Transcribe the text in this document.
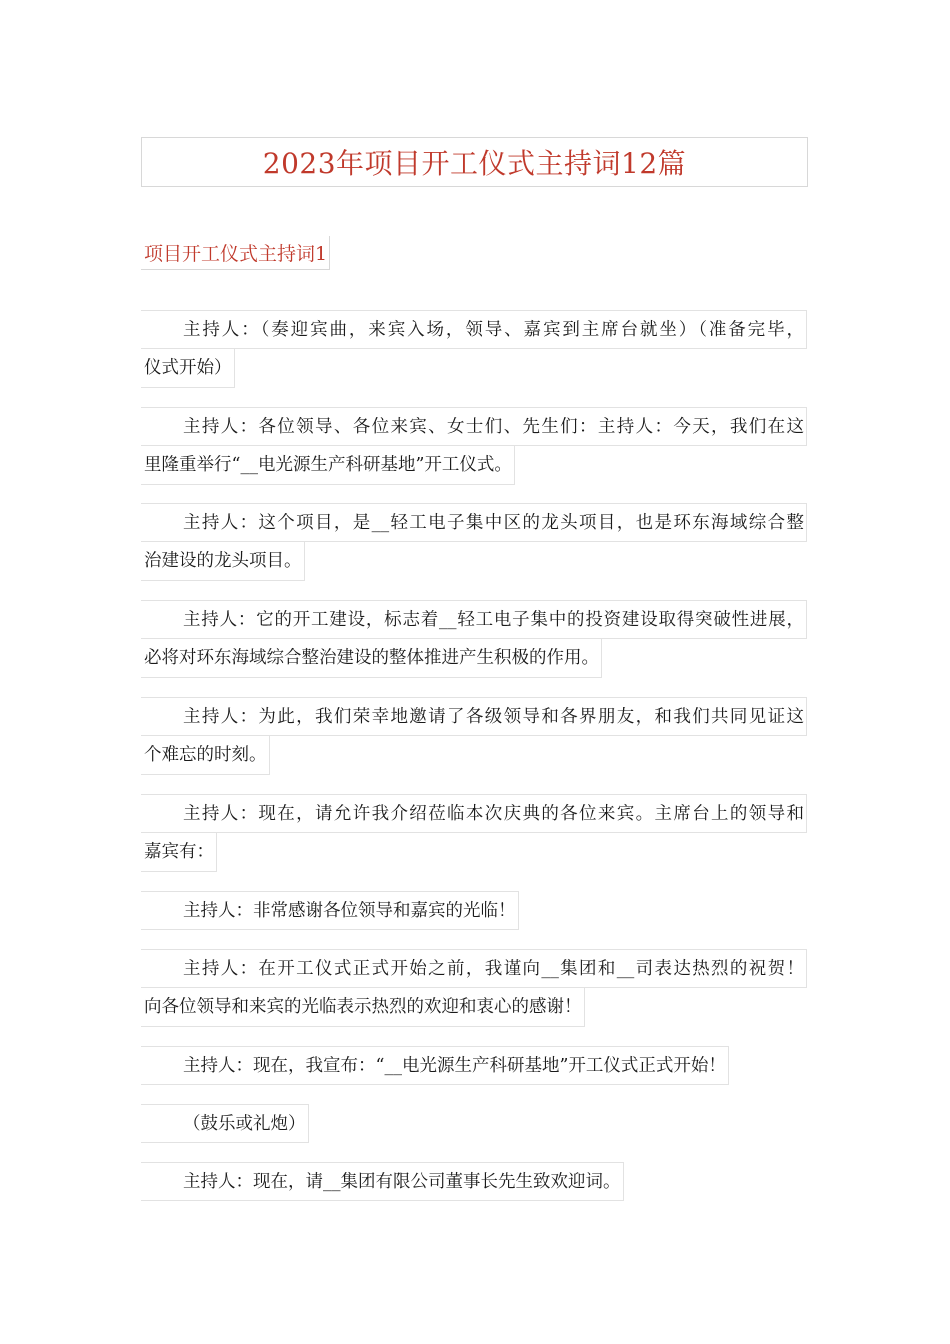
2023年项目开工仪式主持词12篇
项目开工仪式主持词1
主持人：（奏迎宾曲，来宾入场，领导、嘉宾到主席台就坐）（准备完毕，
仪式开始）
主持人：各位领导、各位来宾、女士们、先生们：主持人：今天，我们在这
里隆重举行“__电光源生产科研基地”开工仪式。
主持人：这个项目，是__轻工电子集中区的龙头项目，也是环东海域综合整
治建设的龙头项目。
主持人：它的开工建设，标志着__轻工电子集中的投资建设取得突破性进展，
必将对环东海域综合整治建设的整体推进产生积极的作用。
主持人：为此，我们荣幸地邀请了各级领导和各界朋友，和我们共同见证这
个难忘的时刻。
主持人：现在，请允许我介绍莅临本次庆典的各位来宾。主席台上的领导和
嘉宾有：
主持人：非常感谢各位领导和嘉宾的光临！
主持人：在开工仪式正式开始之前，我谨向__集团和__司表达热烈的祝贺！
向各位领导和来宾的光临表示热烈的欢迎和衷心的感谢！
主持人：现在，我宣布：“__电光源生产科研基地”开工仪式正式开始！
（鼓乐或礼炮）
主持人：现在，请__集团有限公司董事长先生致欢迎词。
